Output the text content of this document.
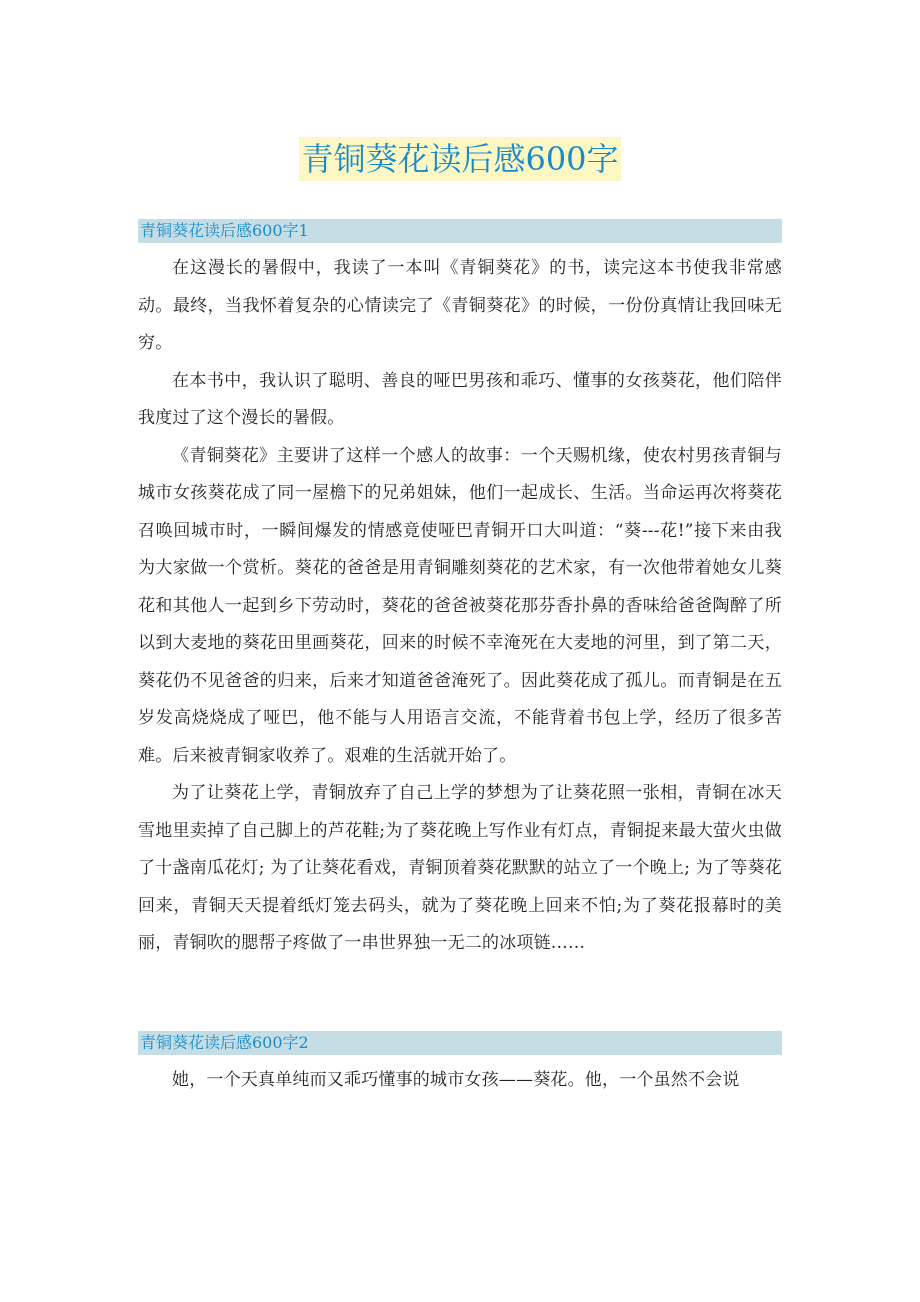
青铜葵花读后感600字
青铜葵花读后感600字1

在这漫长的暑假中，我读了一本叫《青铜葵花》的书，读完这本书使我非常感动。最终，当我怀着复杂的心情读完了《青铜葵花》的时候，一份份真情让我回味无穷。

在本书中，我认识了聪明、善良的哑巴男孩和乖巧、懂事的女孩葵花，他们陪伴我度过了这个漫长的暑假。

《青铜葵花》主要讲了这样一个感人的故事：一个天赐机缘，使农村男孩青铜与城市女孩葵花成了同一屋檐下的兄弟姐妹，他们一起成长、生活。当命运再次将葵花召唤回城市时，一瞬间爆发的情感竟使哑巴青铜开口大叫道：“葵---花!”接下来由我为大家做一个赏析。葵花的爸爸是用青铜雕刻葵花的艺术家，有一次他带着她女儿葵花和其他人一起到乡下劳动时，葵花的爸爸被葵花那芬香扑鼻的香味给爸爸陶醉了所以到大麦地的葵花田里画葵花，回来的时候不幸淹死在大麦地的河里，到了第二天，葵花仍不见爸爸的归来，后来才知道爸爸淹死了。因此葵花成了孤儿。而青铜是在五岁发高烧烧成了哑巴，他不能与人用语言交流，不能背着书包上学，经历了很多苦难。后来被青铜家收养了。艰难的生活就开始了。

为了让葵花上学，青铜放弃了自己上学的梦想为了让葵花照一张相，青铜在冰天雪地里卖掉了自己脚上的芦花鞋;为了葵花晚上写作业有灯点，青铜捉来最大萤火虫做了十盏南瓜花灯; 为了让葵花看戏，青铜顶着葵花默默的站立了一个晚上; 为了等葵花回来，青铜天天提着纸灯笼去码头，就为了葵花晚上回来不怕;为了葵花报幕时的美丽，青铜吹的腮帮子疼做了一串世界独一无二的冰项链……

青铜葵花读后感600字2

她，一个天真单纯而又乖巧懂事的城市女孩——葵花。他，一个虽然不会说
